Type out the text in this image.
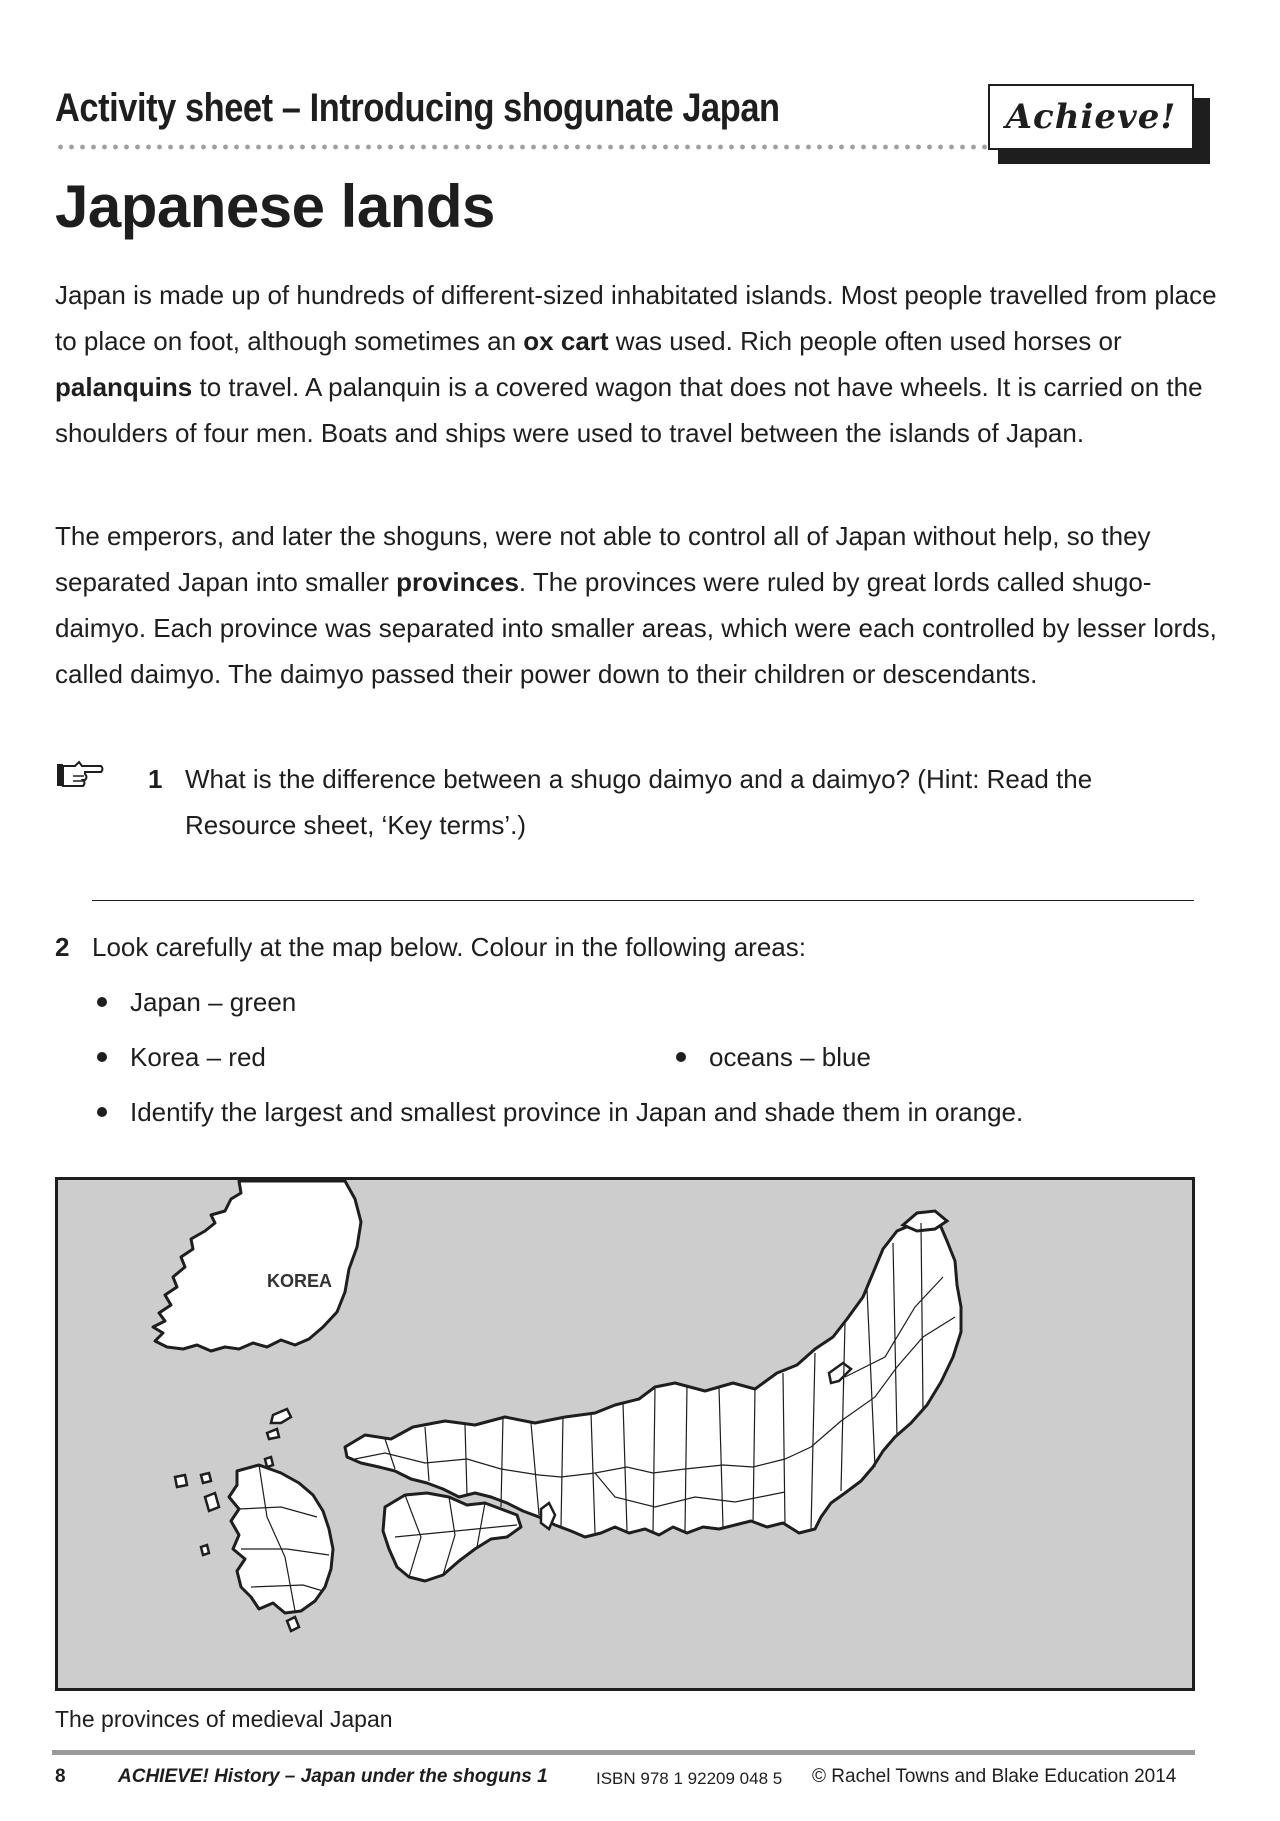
Activity sheet – Introducing shogunate Japan	Achieve!
Japanese lands

Japan is made up of hundreds of different-sized inhabitated islands. Most people travelled from place to place on foot, although sometimes an ox cart was used. Rich people often used horses or palanquins to travel. A palanquin is a covered wagon that does not have wheels. It is carried on the shoulders of four men. Boats and ships were used to travel between the islands of Japan.

The emperors, and later the shoguns, were not able to control all of Japan without help, so they separated Japan into smaller provinces. The provinces were ruled by great lords called shugo-daimyo. Each province was separated into smaller areas, which were each controlled by lesser lords, called daimyo. The daimyo passed their power down to their children or descendants.

1 What is the difference between a shugo daimyo and a daimyo? (Hint: Read the Resource sheet, ‘Key terms’.)

2 Look carefully at the map below. Colour in the following areas:
Japan – green
Korea – red	oceans – blue
Identify the largest and smallest province in Japan and shade them in orange.
KOREA
The provinces of medieval Japan
8	ACHIEVE! History – Japan under the shoguns 1	ISBN 978 1 92209 048 5 © Rachel Towns and Blake Education 2014
